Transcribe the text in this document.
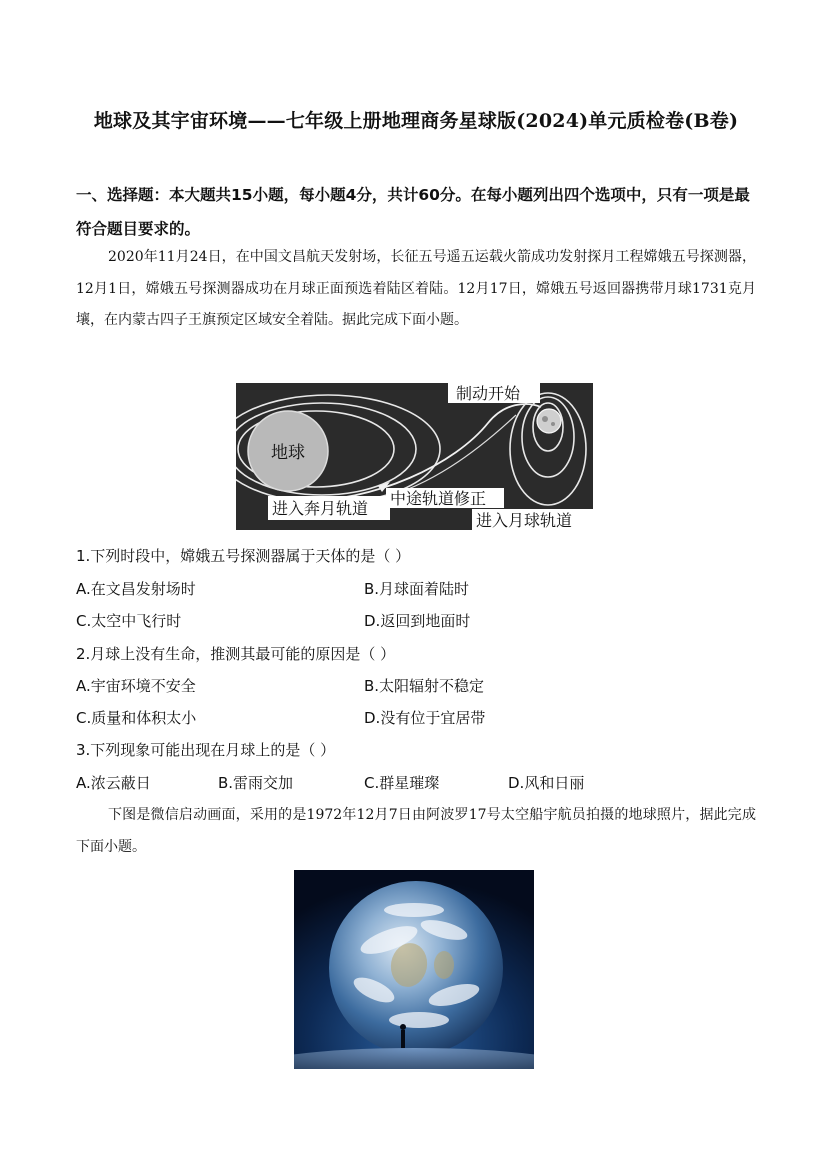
地球及其宇宙环境——七年级上册地理商务星球版(2024)单元质检卷(B卷)
一、选择题：本大题共15小题，每小题4分，共计60分。在每小题列出四个选项中，只有一项是最符合题目要求的。
2020年11月24日，在中国文昌航天发射场，长征五号遥五运载火箭成功发射探月工程嫦娥五号探测器，12月1日，嫦娥五号探测器成功在月球正面预选着陆区着陆。12月17日，嫦娥五号返回器携带月球1731克月壤，在内蒙古四子王旗预定区域安全着陆。据此完成下面小题。
地球
制动开始
中途轨道修正
进入奔月轨道
进入月球轨道
1.下列时段中，嫦娥五号探测器属于天体的是（ ）
A.在文昌发射场时	B.月球面着陆时
C.太空中飞行时	D.返回到地面时
2.月球上没有生命，推测其最可能的原因是（ ）
A.宇宙环境不安全	B.太阳辐射不稳定
C.质量和体积太小	D.没有位于宜居带
3.下列现象可能出现在月球上的是（ ）
A.浓云蔽日	B.雷雨交加	C.群星璀璨	D.风和日丽
下图是微信启动画面，采用的是1972年12月7日由阿波罗17号太空船宇航员拍摄的地球照片，据此完成下面小题。
